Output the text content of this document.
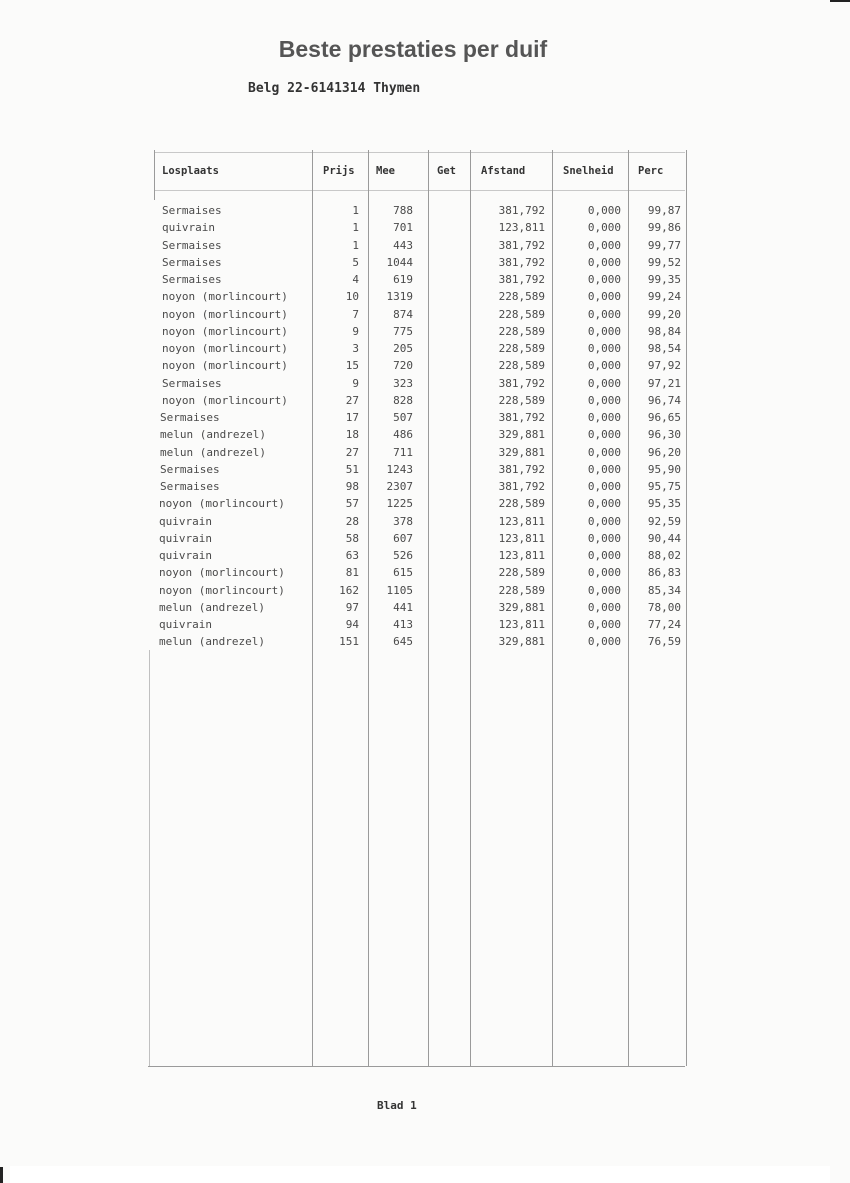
Beste prestaties per duif
Belg 22-6141314 Thymen
Losplaats	Prijs Mee	Get Afstand	Snelheid Perc
Sermaises	1	788	381,792	0,000	99,87
quivrain	1	701	123,811	0,000	99,86
Sermaises	1	443	381,792	0,000	99,77
Sermaises	5	1044	381,792	0,000	99,52
Sermaises	4	619	381,792	0,000	99,35
noyon (morlincourt)	10	1319	228,589	0,000	99,24
noyon (morlincourt)	7	874	228,589	0,000	99,20
noyon (morlincourt)	9	775	228,589	0,000	98,84
noyon (morlincourt)	3	205	228,589	0,000	98,54
noyon (morlincourt)	15	720	228,589	0,000	97,92
Sermaises	9	323	381,792	0,000	97,21
noyon (morlincourt)	27	828	228,589	0,000	96,74
Sermaises	17	507	381,792	0,000	96,65
melun (andrezel)	18	486	329,881	0,000	96,30
melun (andrezel)	27	711	329,881	0,000	96,20
Sermaises	51	1243	381,792	0,000	95,90
Sermaises	98	2307	381,792	0,000	95,75
noyon (morlincourt)	57	1225	228,589	0,000	95,35
quivrain	28	378	123,811	0,000	92,59
quivrain	58	607	123,811	0,000	90,44
quivrain	63	526	123,811	0,000	88,02
noyon (morlincourt)	81	615	228,589	0,000	86,83
noyon (morlincourt)	162	1105	228,589	0,000	85,34
melun (andrezel)	97	441	329,881	0,000	78,00
quivrain	94	413	123,811	0,000	77,24
melun (andrezel)	151	645	329,881	0,000	76,59
Blad 1
